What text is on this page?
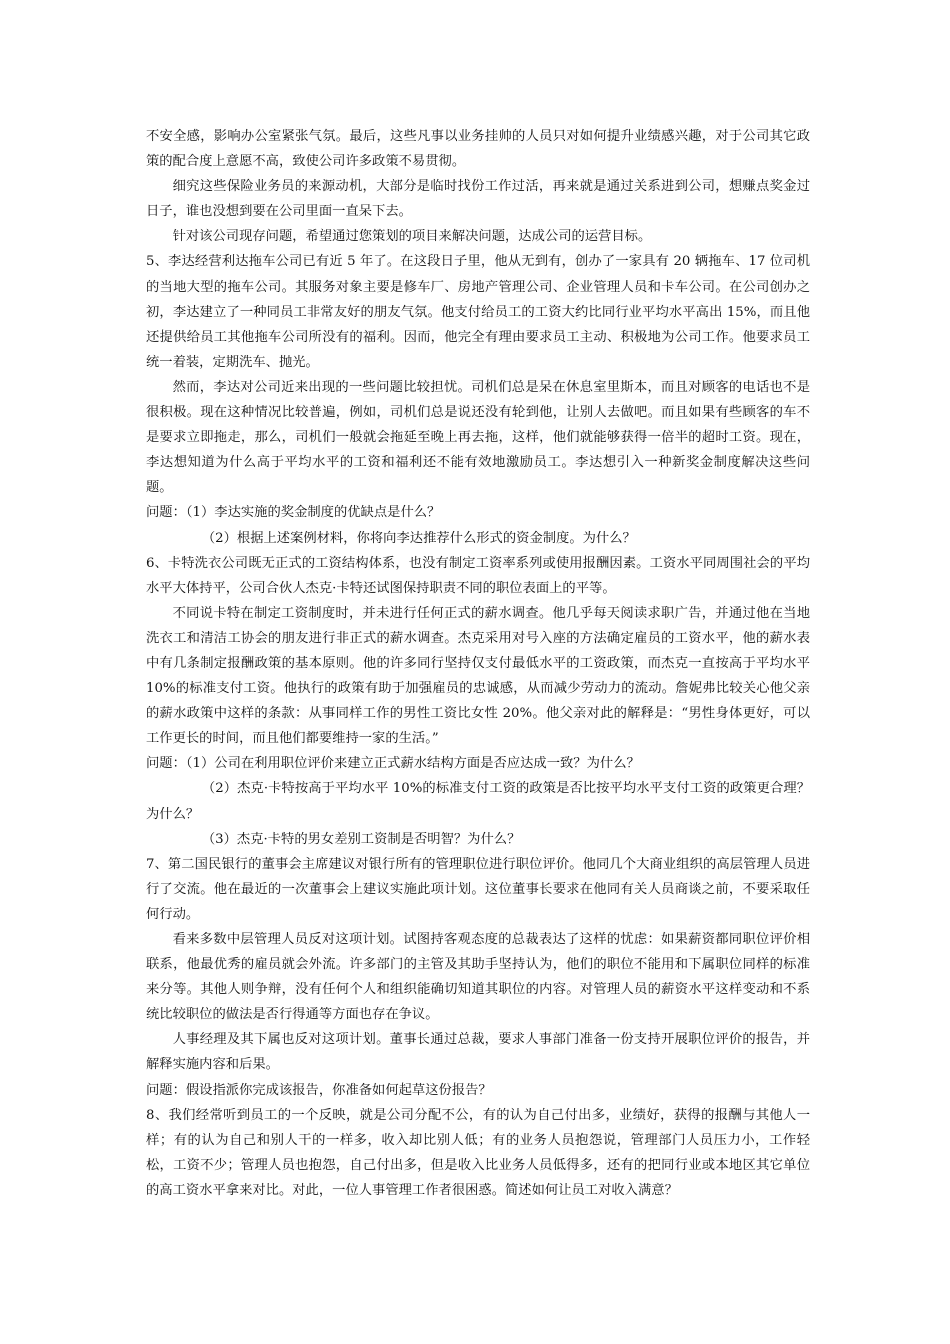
不安全感，影响办公室紧张气氛。最后，这些凡事以业务挂帅的人员只对如何提升业绩感兴趣，对于公司其它政策的配合度上意愿不高，致使公司许多政策不易贯彻。

细究这些保险业务员的来源动机，大部分是临时找份工作过活，再来就是通过关系进到公司，想赚点奖金过日子，谁也没想到要在公司里面一直呆下去。

针对该公司现存问题，希望通过您策划的项目来解决问题，达成公司的运营目标。

5、李达经营利达拖车公司已有近 5 年了。在这段日子里，他从无到有，创办了一家具有 20 辆拖车、17 位司机的当地大型的拖车公司。其服务对象主要是修车厂、房地产管理公司、企业管理人员和卡车公司。在公司创办之初，李达建立了一种同员工非常友好的朋友气氛。他支付给员工的工资大约比同行业平均水平高出 15%，而且他还提供给员工其他拖车公司所没有的福利。因而，他完全有理由要求员工主动、积极地为公司工作。他要求员工统一着装，定期洗车、抛光。

然而，李达对公司近来出现的一些问题比较担忧。司机们总是呆在休息室里斯本，而且对顾客的电话也不是很积极。现在这种情况比较普遍，例如，司机们总是说还没有轮到他，让别人去做吧。而且如果有些顾客的车不是要求立即拖走，那么，司机们一般就会拖延至晚上再去拖，这样，他们就能够获得一倍半的超时工资。现在，李达想知道为什么高于平均水平的工资和福利还不能有效地激励员工。李达想引入一种新奖金制度解决这些问题。

问题：（1）李达实施的奖金制度的优缺点是什么？

（2）根据上述案例材料，你将向李达推荐什么形式的资金制度。为什么？

6、卡特洗衣公司既无正式的工资结构体系，也没有制定工资率系列或使用报酬因素。工资水平同周围社会的平均水平大体持平，公司合伙人杰克·卡特还试图保持职责不同的职位表面上的平等。

不同说卡特在制定工资制度时，并未进行任何正式的薪水调查。他几乎每天阅读求职广告，并通过他在当地洗衣工和清洁工协会的朋友进行非正式的薪水调查。杰克采用对号入座的方法确定雇员的工资水平，他的薪水表中有几条制定报酬政策的基本原则。他的许多同行坚持仅支付最低水平的工资政策，而杰克一直按高于平均水平 10%的标准支付工资。他执行的政策有助于加强雇员的忠诚感，从而减少劳动力的流动。詹妮弗比较关心他父亲的薪水政策中这样的条款：从事同样工作的男性工资比女性 20%。他父亲对此的解释是：“男性身体更好，可以工作更长的时间，而且他们都要维持一家的生活。”

问题：（1）公司在利用职位评价来建立正式薪水结构方面是否应达成一致？为什么？

（2）杰克·卡特按高于平均水平 10%的标准支付工资的政策是否比按平均水平支付工资的政策更合理？为什么？

（3）杰克·卡特的男女差别工资制是否明智？为什么？

7、第二国民银行的董事会主席建议对银行所有的管理职位进行职位评价。他同几个大商业组织的高层管理人员进行了交流。他在最近的一次董事会上建议实施此项计划。这位董事长要求在他同有关人员商谈之前，不要采取任何行动。

看来多数中层管理人员反对这项计划。试图持客观态度的总裁表达了这样的忧虑：如果薪资都同职位评价相联系，他最优秀的雇员就会外流。许多部门的主管及其助手坚持认为，他们的职位不能用和下属职位同样的标准来分等。其他人则争辩，没有任何个人和组织能确切知道其职位的内容。对管理人员的薪资水平这样变动和不系统比较职位的做法是否行得通等方面也存在争议。

人事经理及其下属也反对这项计划。董事长通过总裁，要求人事部门准备一份支持开展职位评价的报告，并解释实施内容和后果。

问题：假设指派你完成该报告，你准备如何起草这份报告？

8、我们经常听到员工的一个反映，就是公司分配不公，有的认为自己付出多，业绩好，获得的报酬与其他人一样；有的认为自己和别人干的一样多，收入却比别人低；有的业务人员抱怨说，管理部门人员压力小，工作轻松，工资不少；管理人员也抱怨，自己付出多，但是收入比业务人员低得多，还有的把同行业或本地区其它单位的高工资水平拿来对比。对此，一位人事管理工作者很困惑。简述如何让员工对收入满意？
